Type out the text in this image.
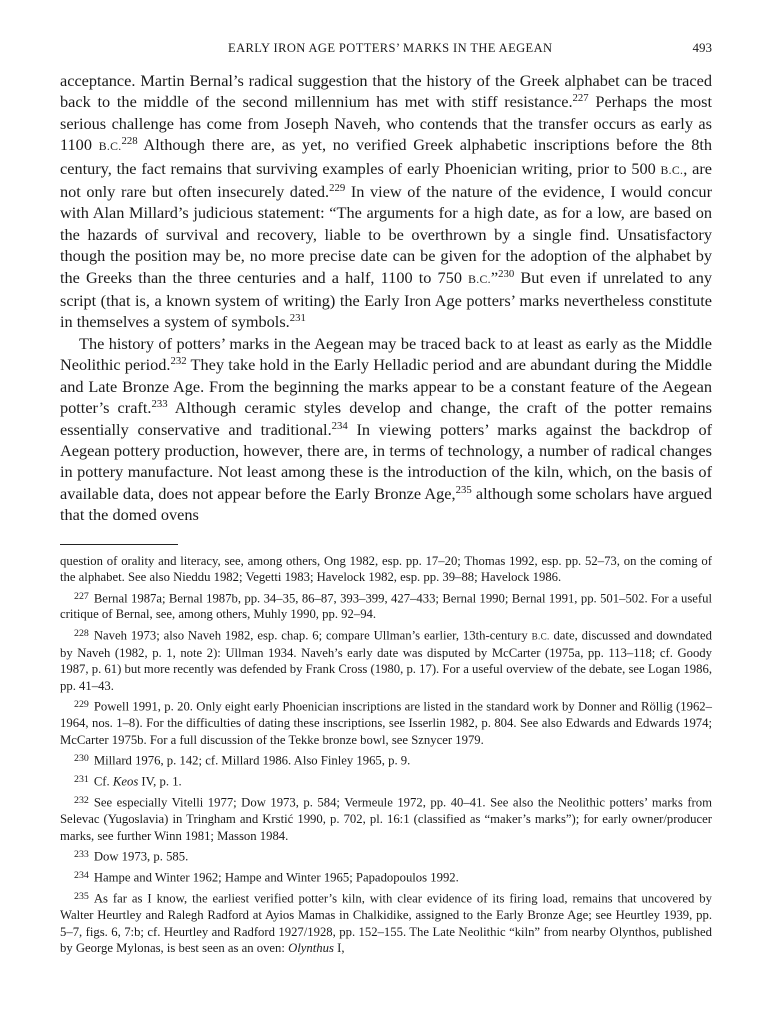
EARLY IRON AGE POTTERS’ MARKS IN THE AEGEAN	493

acceptance. Martin Bernal’s radical suggestion that the history of the Greek alphabet can be traced back to the middle of the second millennium has met with stiff resistance.$^{227}$ Perhaps the most serious challenge has come from Joseph Naveh, who contends that the transfer occurs as early as 1100 B.C.$^{228}$ Although there are, as yet, no verified Greek alphabetic inscriptions before the 8th century, the fact remains that surviving examples of early Phoenician writing, prior to 500 B.C., are not only rare but often insecurely dated.$^{229}$ In view of the nature of the evidence, I would concur with Alan Millard’s judicious statement: “The arguments for a high date, as for a low, are based on the hazards of survival and recovery, liable to be overthrown by a single find. Unsatisfactory though the position may be, no more precise date can be given for the adoption of the alphabet by the Greeks than the three centuries and a half, 1100 to 750 B.C.”$^{230}$ But even if unrelated to any script (that is, a known system of writing) the Early Iron Age potters’ marks nevertheless constitute in themselves a system of symbols.$^{231}$

The history of potters’ marks in the Aegean may be traced back to at least as early as the Middle Neolithic period.$^{232}$ They take hold in the Early Helladic period and are abundant during the Middle and Late Bronze Age. From the beginning the marks appear to be a constant feature of the Aegean potter’s craft.$^{233}$ Although ceramic styles develop and change, the craft of the potter remains essentially conservative and traditional.$^{234}$ In viewing potters’ marks against the backdrop of Aegean pottery production, however, there are, in terms of technology, a number of radical changes in pottery manufacture. Not least among these is the introduction of the kiln, which, on the basis of available data, does not appear before the Early Bronze Age,$^{235}$ although some scholars have argued that the domed ovens

question of orality and literacy, see, among others, Ong 1982, esp. pp. 17–20; Thomas 1992, esp. pp. 52–73, on the coming of the alphabet. See also Nieddu 1982; Vegetti 1983; Havelock 1982, esp. pp. 39–88; Havelock 1986.

$^{227}$ Bernal 1987a; Bernal 1987b, pp. 34–35, 86–87, 393–399, 427–433; Bernal 1990; Bernal 1991, pp. 501–502. For a useful critique of Bernal, see, among others, Muhly 1990, pp. 92–94.

$^{228}$ Naveh 1973; also Naveh 1982, esp. chap. 6; compare Ullman’s earlier, 13th-century B.C. date, discussed and downdated by Naveh (1982, p. 1, note 2): Ullman 1934. Naveh’s early date was disputed by McCarter (1975a, pp. 113–118; cf. Goody 1987, p. 61) but more recently was defended by Frank Cross (1980, p. 17). For a useful overview of the debate, see Logan 1986, pp. 41–43.

$^{229}$ Powell 1991, p. 20. Only eight early Phoenician inscriptions are listed in the standard work by Donner and Röllig (1962–1964, nos. 1–8). For the difficulties of dating these inscriptions, see Isserlin 1982, p. 804. See also Edwards and Edwards 1974; McCarter 1975b. For a full discussion of the Tekke bronze bowl, see Sznycer 1979.

$^{230}$ Millard 1976, p. 142; cf. Millard 1986. Also Finley 1965, p. 9.

$^{231}$ Cf. Keos IV, p. 1.

$^{232}$ See especially Vitelli 1977; Dow 1973, p. 584; Vermeule 1972, pp. 40–41. See also the Neolithic potters’ marks from Selevac (Yugoslavia) in Tringham and Krstić 1990, p. 702, pl. 16:1 (classified as “maker’s marks”); for early owner/producer marks, see further Winn 1981; Masson 1984.

$^{233}$ Dow 1973, p. 585.

$^{234}$ Hampe and Winter 1962; Hampe and Winter 1965; Papadopoulos 1992.

$^{235}$ As far as I know, the earliest verified potter’s kiln, with clear evidence of its firing load, remains that uncovered by Walter Heurtley and Ralegh Radford at Ayios Mamas in Chalkidike, assigned to the Early Bronze Age; see Heurtley 1939, pp. 5–7, figs. 6, 7:b; cf. Heurtley and Radford 1927/1928, pp. 152–155. The Late Neolithic “kiln” from nearby Olynthos, published by George Mylonas, is best seen as an oven: Olynthus I,
